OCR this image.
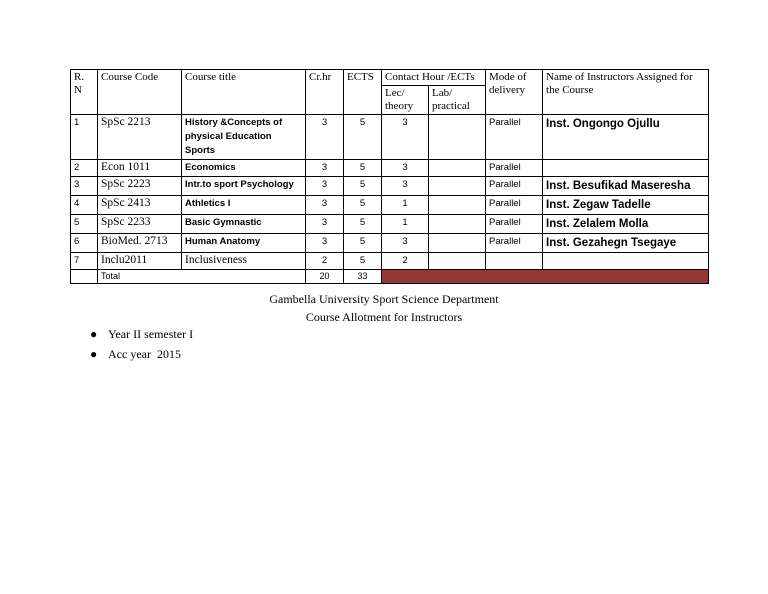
R. N	Course Code	Course title	Cr.hr	ECTS	Contact Hour /ECTs		Mode of delivery	Name of Instructors Assigned for the Course
					Lec/ theory	Lab/ practical		
1	SpSc 2213	History &Concepts of physical Education Sports	3	5	3		Parallel	Inst. Ongongo Ojullu
2	Econ 1011	Economics	3	5	3		Parallel	
3	SpSc 2223	Intr.to sport Psychology	3	5	3		Parallel	Inst. Besufikad Maseresha
4	SpSc 2413	Athletics I	3	5	1		Parallel	Inst. Zegaw Tadelle
5	SpSc 2233	Basic Gymnastic	3	5	1		Parallel	Inst. Zelalem Molla
6	BioMed. 2713	Human Anatomy	3	5	3		Parallel	Inst. Gezahegn Tsegaye
7	Inclu2011	Inclusiveness	2	5	2			
	Total		20	33				
Gambella University Sport Science Department
Course Allotment for Instructors
● Year II semester I
● Acc year  2015
